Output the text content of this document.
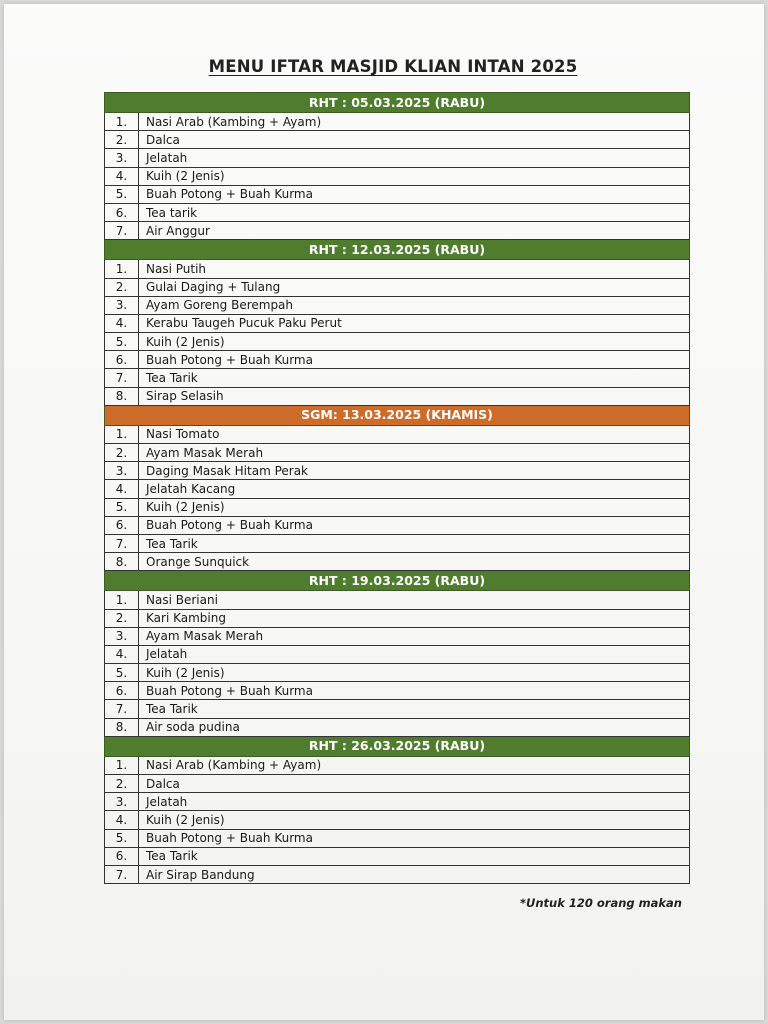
MENU IFTAR MASJID KLIAN INTAN 2025
RHT : 05.03.2025 (RABU)	
1.	Nasi Arab (Kambing + Ayam)
2.	Dalca
3.	Jelatah
4.	Kuih (2 Jenis)
5.	Buah Potong + Buah Kurma
6.	Tea tarik
7.	Air Anggur
RHT : 12.03.2025 (RABU)	
1.	Nasi Putih
2.	Gulai Daging + Tulang
3.	Ayam Goreng Berempah
4.	Kerabu Taugeh Pucuk Paku Perut
5.	Kuih (2 Jenis)
6.	Buah Potong + Buah Kurma
7.	Tea Tarik
8.	Sirap Selasih
SGM: 13.03.2025 (KHAMIS)	
1.	Nasi Tomato
2.	Ayam Masak Merah
3.	Daging Masak Hitam Perak
4.	Jelatah Kacang
5.	Kuih (2 Jenis)
6.	Buah Potong + Buah Kurma
7.	Tea Tarik
8.	Orange Sunquick
RHT : 19.03.2025 (RABU)	
1.	Nasi Beriani
2.	Kari Kambing
3.	Ayam Masak Merah
4.	Jelatah
5.	Kuih (2 Jenis)
6.	Buah Potong + Buah Kurma
7.	Tea Tarik
8.	Air soda pudina
RHT : 26.03.2025 (RABU)	
1.	Nasi Arab (Kambing + Ayam)
2.	Dalca
3.	Jelatah
4.	Kuih (2 Jenis)
5.	Buah Potong + Buah Kurma
6.	Tea Tarik
7.	Air Sirap Bandung
*Untuk 120 orang makan
